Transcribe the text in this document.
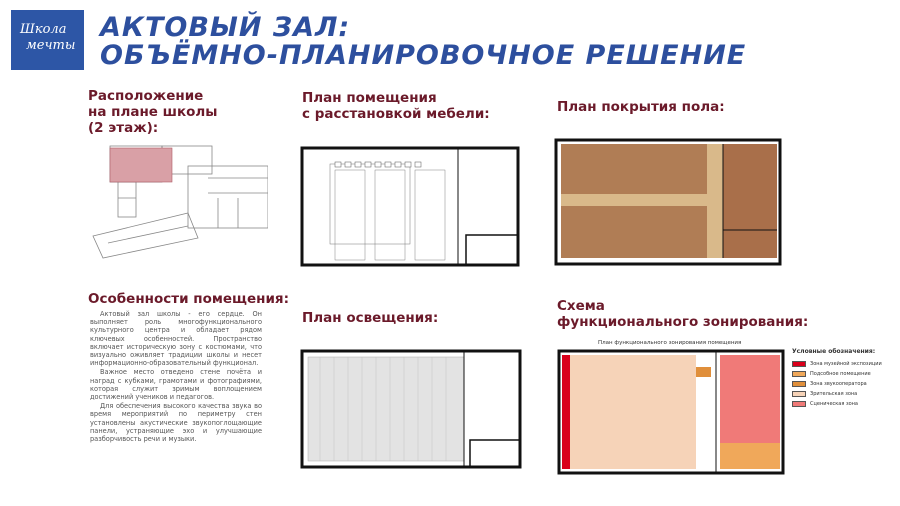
Школа
мечты
АКТОВЫЙ ЗАЛ:
ОБЪЁМНО-ПЛАНИРОВОЧНОЕ РЕШЕНИЕ
Расположение
на плане школы
(2 этаж):
План помещения
с расстановкой мебели:	План покрытия пола:
Особенности помещения:
План освещения:
Схема
функционального зонирования:

Актовый зал школы - его сердце. Он выполняет роль многофункционального культурного центра и обладает рядом ключевых особенностей. Пространство включает историческую зону с костюмами, что визуально оживляет традиции школы и несет информационно-образовательный функционал.

Важное место отведено стене почёта и наград с кубками, грамотами и фотографиями, которая служит зримым воплощением достижений учеников и педагогов.

Для обеспечения высокого качества звука во время мероприятий по периметру стен установлены акустические звукопоглощающие панели, устраняющие эхо и улучшающие разборчивость речи и музыки.

План функционального зонирования помещения
Условные обозначения:
Зона музейной экспозиции
Подсобное помещение
Зона звукооператора
Зрительская зона
Сценическая зона
